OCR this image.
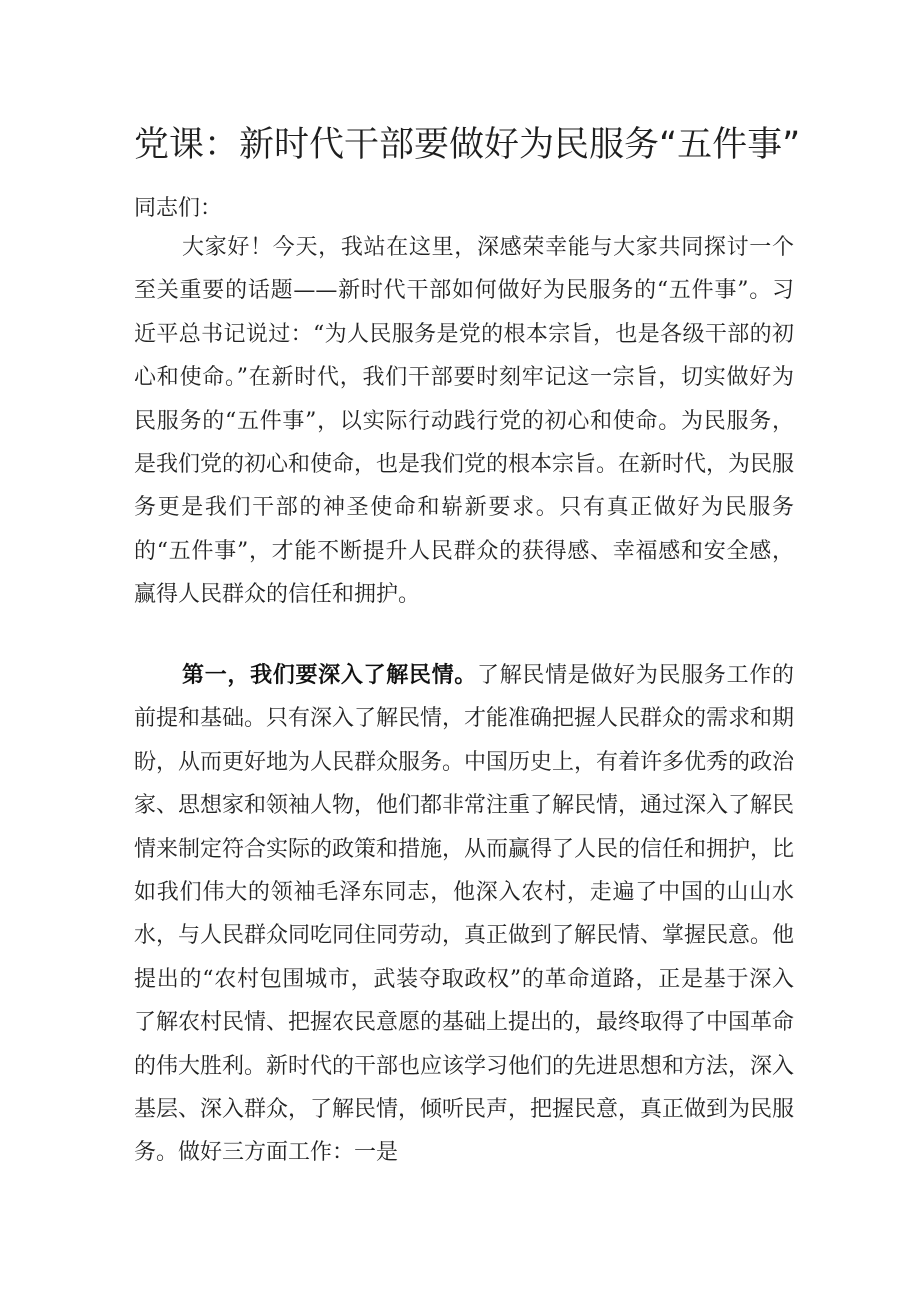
党课：新时代干部要做好为民服务“五件事”
同志们：

大家好！今天，我站在这里，深感荣幸能与大家共同探讨一个至关重要的话题——新时代干部如何做好为民服务的“五件事”。习近平总书记说过：“为人民服务是党的根本宗旨，也是各级干部的初心和使命。”在新时代，我们干部要时刻牢记这一宗旨，切实做好为民服务的“五件事”，以实际行动践行党的初心和使命。为民服务，是我们党的初心和使命，也是我们党的根本宗旨。在新时代，为民服务更是我们干部的神圣使命和崭新要求。只有真正做好为民服务的“五件事”，才能不断提升人民群众的获得感、幸福感和安全感，赢得人民群众的信任和拥护。

第一，我们要深入了解民情。了解民情是做好为民服务工作的前提和基础。只有深入了解民情，才能准确把握人民群众的需求和期盼，从而更好地为人民群众服务。中国历史上，有着许多优秀的政治家、思想家和领袖人物，他们都非常注重了解民情，通过深入了解民情来制定符合实际的政策和措施，从而赢得了人民的信任和拥护，比如我们伟大的领袖毛泽东同志，他深入农村，走遍了中国的山山水水，与人民群众同吃同住同劳动，真正做到了解民情、掌握民意。他提出的“农村包围城市，武装夺取政权”的革命道路，正是基于深入了解农村民情、把握农民意愿的基础上提出的，最终取得了中国革命的伟大胜利。新时代的干部也应该学习他们的先进思想和方法，深入基层、深入群众，了解民情，倾听民声，把握民意，真正做到为民服务。做好三方面工作：一是
